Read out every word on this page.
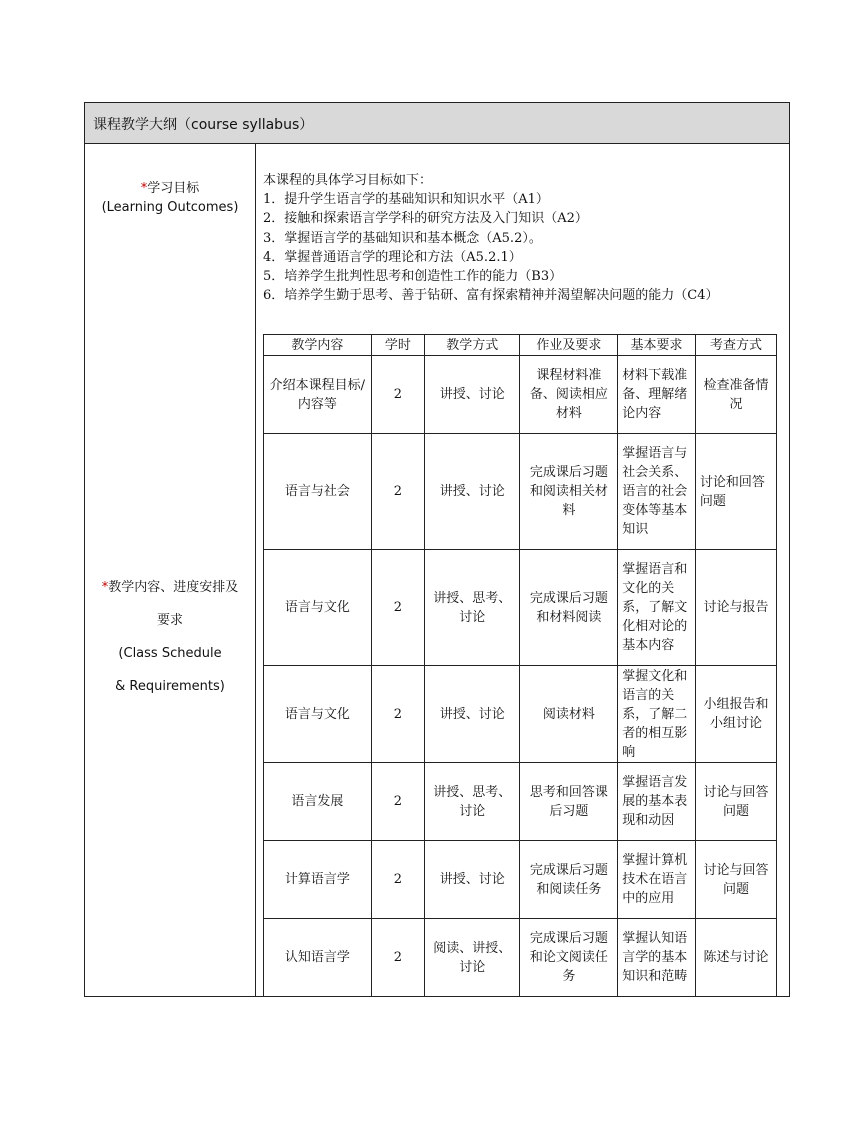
课程教学大纲（course syllabus）
*学习目标
(Learning Outcomes)
*教学内容、进度安排及
要求
(Class Schedule
& Requirements)
本课程的具体学习目标如下：
1．提升学生语言学的基础知识和知识水平（A1）
2．接触和探索语言学学科的研究方法及入门知识（A2）
3．掌握语言学的基础知识和基本概念（A5.2）。
4．掌握普通语言学的理论和方法（A5.2.1）
5．培养学生批判性思考和创造性工作的能力（B3）
6．培养学生勤于思考、善于钻研、富有探索精神并渴望解决问题的能力（C4）
教学内容	学时	教学方式	作业及要求	基本要求	考查方式
介绍本课程目标/内容等	2	讲授、讨论	课程材料准备、阅读相应材料	材料下载准备、理解绪论内容	检查准备情况
语言与社会	2	讲授、讨论	完成课后习题和阅读相关材料	掌握语言与社会关系、语言的社会变体等基本知识	讨论和回答问题
语言与文化	2	讲授、思考、讨论	完成课后习题和材料阅读	掌握语言和文化的关系，了解文化相对论的基本内容	讨论与报告
语言与文化	2	讲授、讨论	阅读材料	掌握文化和语言的关系，了解二者的相互影响	小组报告和小组讨论
语言发展	2	讲授、思考、讨论	思考和回答课后习题	掌握语言发展的基本表现和动因	讨论与回答问题
计算语言学	2	讲授、讨论	完成课后习题和阅读任务	掌握计算机技术在语言中的应用	讨论与回答问题
认知语言学	2	阅读、讲授、讨论	完成课后习题和论文阅读任务	掌握认知语言学的基本知识和范畴	陈述与讨论
